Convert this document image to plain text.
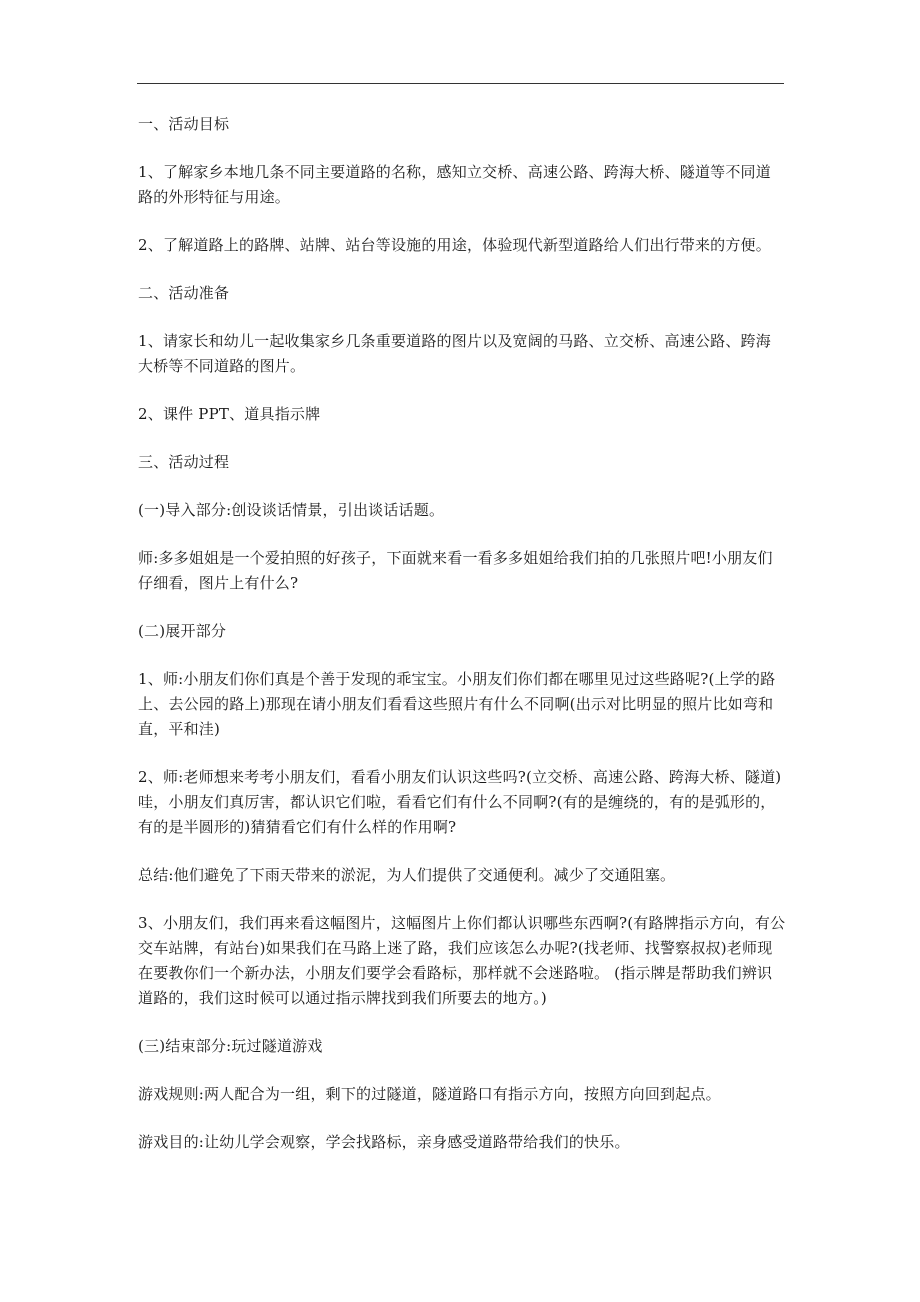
一、活动目标

1、了解家乡本地几条不同主要道路的名称，感知立交桥、高速公路、跨海大桥、隧道等不同道路的外形特征与用途。

2、了解道路上的路牌、站牌、站台等设施的用途，体验现代新型道路给人们出行带来的方便。

二、活动准备

1、请家长和幼儿一起收集家乡几条重要道路的图片以及宽阔的马路、立交桥、高速公路、跨海大桥等不同道路的图片。

2、课件 PPT、道具指示牌

三、活动过程

(一)导入部分:创设谈话情景，引出谈话话题。

师:多多姐姐是一个爱拍照的好孩子，下面就来看一看多多姐姐给我们拍的几张照片吧!小朋友们仔细看，图片上有什么?

(二)展开部分

1、师:小朋友们你们真是个善于发现的乖宝宝。小朋友们你们都在哪里见过这些路呢?(上学的路上、去公园的路上)那现在请小朋友们看看这些照片有什么不同啊(出示对比明显的照片比如弯和直，平和洼)

2、师:老师想来考考小朋友们，看看小朋友们认识这些吗?(立交桥、高速公路、跨海大桥、隧道)哇，小朋友们真厉害，都认识它们啦，看看它们有什么不同啊?(有的是缠绕的，有的是弧形的，有的是半圆形的)猜猜看它们有什么样的作用啊?

总结:他们避免了下雨天带来的淤泥，为人们提供了交通便利。减少了交通阻塞。

3、小朋友们，我们再来看这幅图片，这幅图片上你们都认识哪些东西啊?(有路牌指示方向，有公交车站牌，有站台)如果我们在马路上迷了路，我们应该怎么办呢?(找老师、找警察叔叔)老师现在要教你们一个新办法，小朋友们要学会看路标，那样就不会迷路啦。 (指示牌是帮助我们辨识道路的，我们这时候可以通过指示牌找到我们所要去的地方。)

(三)结束部分:玩过隧道游戏

游戏规则:两人配合为一组，剩下的过隧道，隧道路口有指示方向，按照方向回到起点。

游戏目的:让幼儿学会观察，学会找路标，亲身感受道路带给我们的快乐。
